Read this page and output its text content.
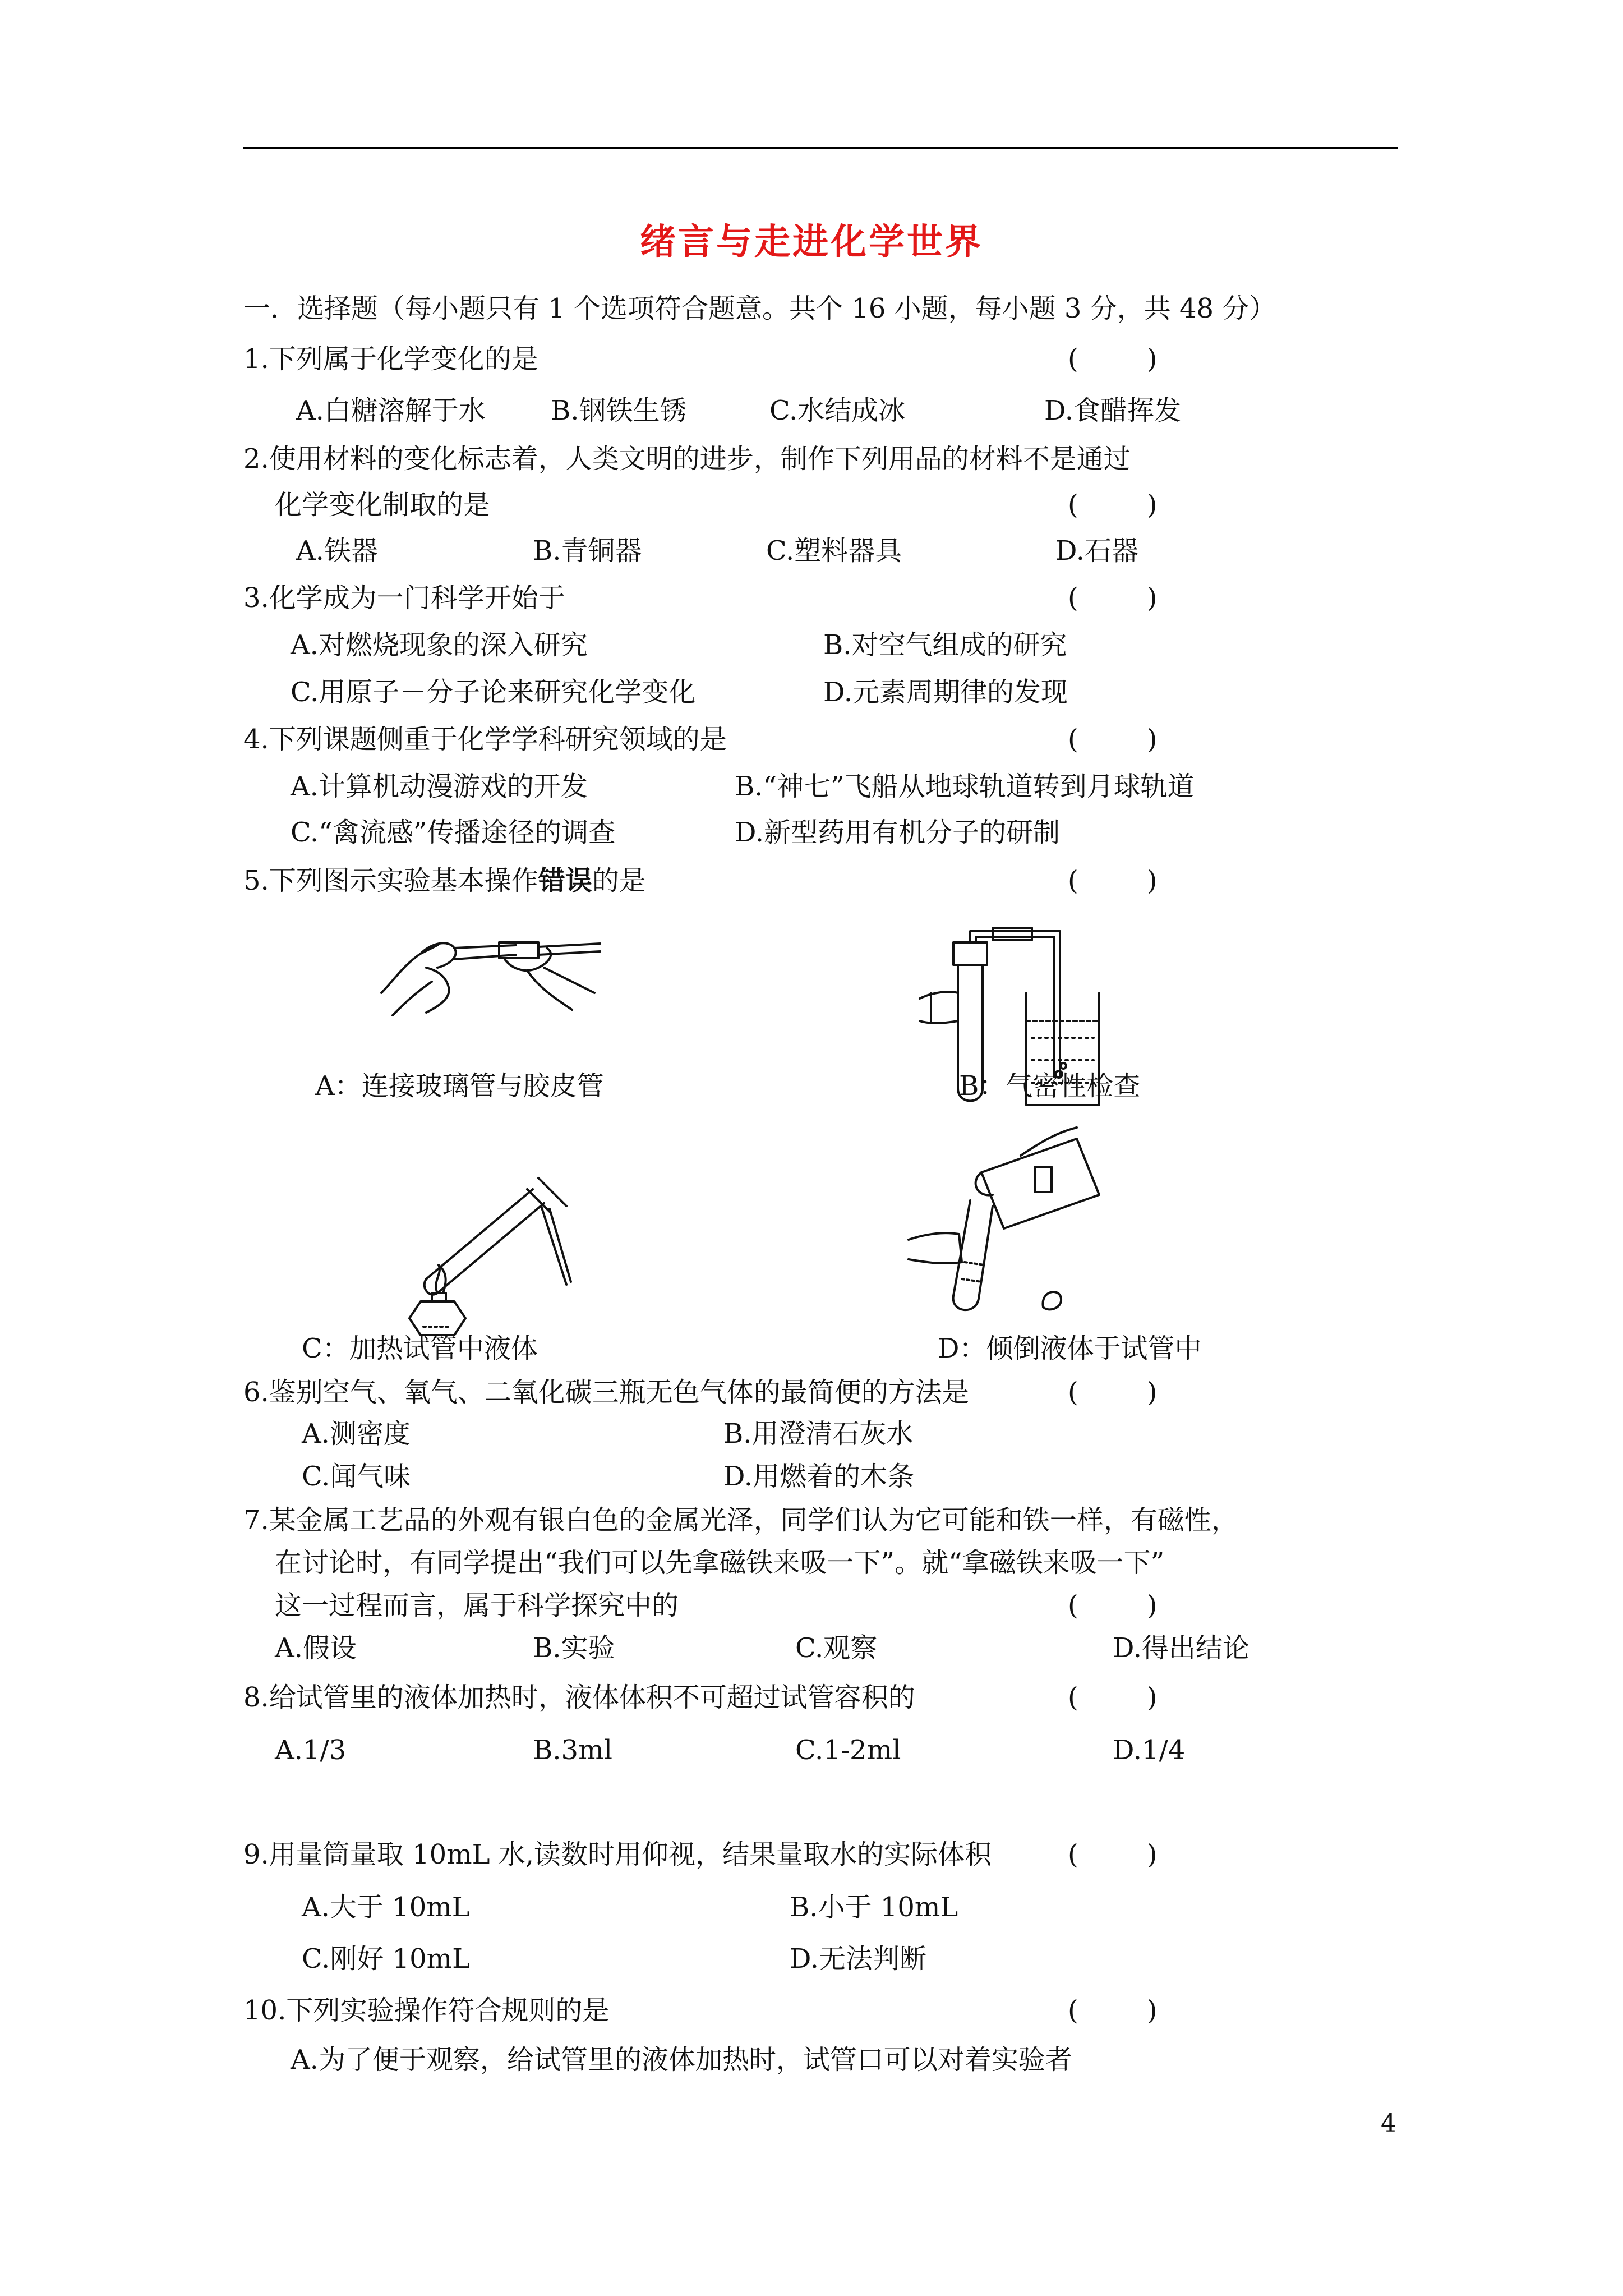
绪言与走进化学世界
一．选择题（每小题只有 1 个选项符合题意。共个 16 小题，每小题 3 分，共 48 分）
1.下列属于化学变化的是	(        )
A.白糖溶解于水 B.钢铁生锈	C.水结成冰	D.食醋挥发
2.使用材料的变化标志着，人类文明的进步，制作下列用品的材料不是通过
化学变化制取的是	(        )
A.铁器	B.青铜器	C.塑料器具	D.石器
3.化学成为一门科学开始于	(        )
A.对燃烧现象的深入研究	B.对空气组成的研究
C.用原子－分子论来研究化学变化	D.元素周期律的发现
4.下列课题侧重于化学学科研究领域的是	(        )
A.计算机动漫游戏的开发	B.“神七”飞船从地球轨道转到月球轨道
C.“禽流感”传播途径的调查	D.新型药用有机分子的研制
5.下列图示实验基本操作错误的是	(        )
A：连接玻璃管与胶皮管	B：气密性检查
C：加热试管中液体	D：倾倒液体于试管中
6.鉴别空气、氧气、二氧化碳三瓶无色气体的最简便的方法是	(        )
A.测密度	B.用澄清石灰水
C.闻气味	D.用燃着的木条
7.某金属工艺品的外观有银白色的金属光泽，同学们认为它可能和铁一样，有磁性，
在讨论时，有同学提出“我们可以先拿磁铁来吸一下”。就“拿磁铁来吸一下”
这一过程而言，属于科学探究中的	(        )
A.假设	B.实验	C.观察	D.得出结论
8.给试管里的液体加热时，液体体积不可超过试管容积的	(        )
A.1/3	B.3ml	C.1-2ml	D.1/4
9.用量筒量取 10mL 水,读数时用仰视，结果量取水的实际体积	(        )
A.大于 10mL	B.小于 10mL
C.刚好 10mL	D.无法判断
10.下列实验操作符合规则的是	(        )
A.为了便于观察，给试管里的液体加热时，试管口可以对着实验者
4
